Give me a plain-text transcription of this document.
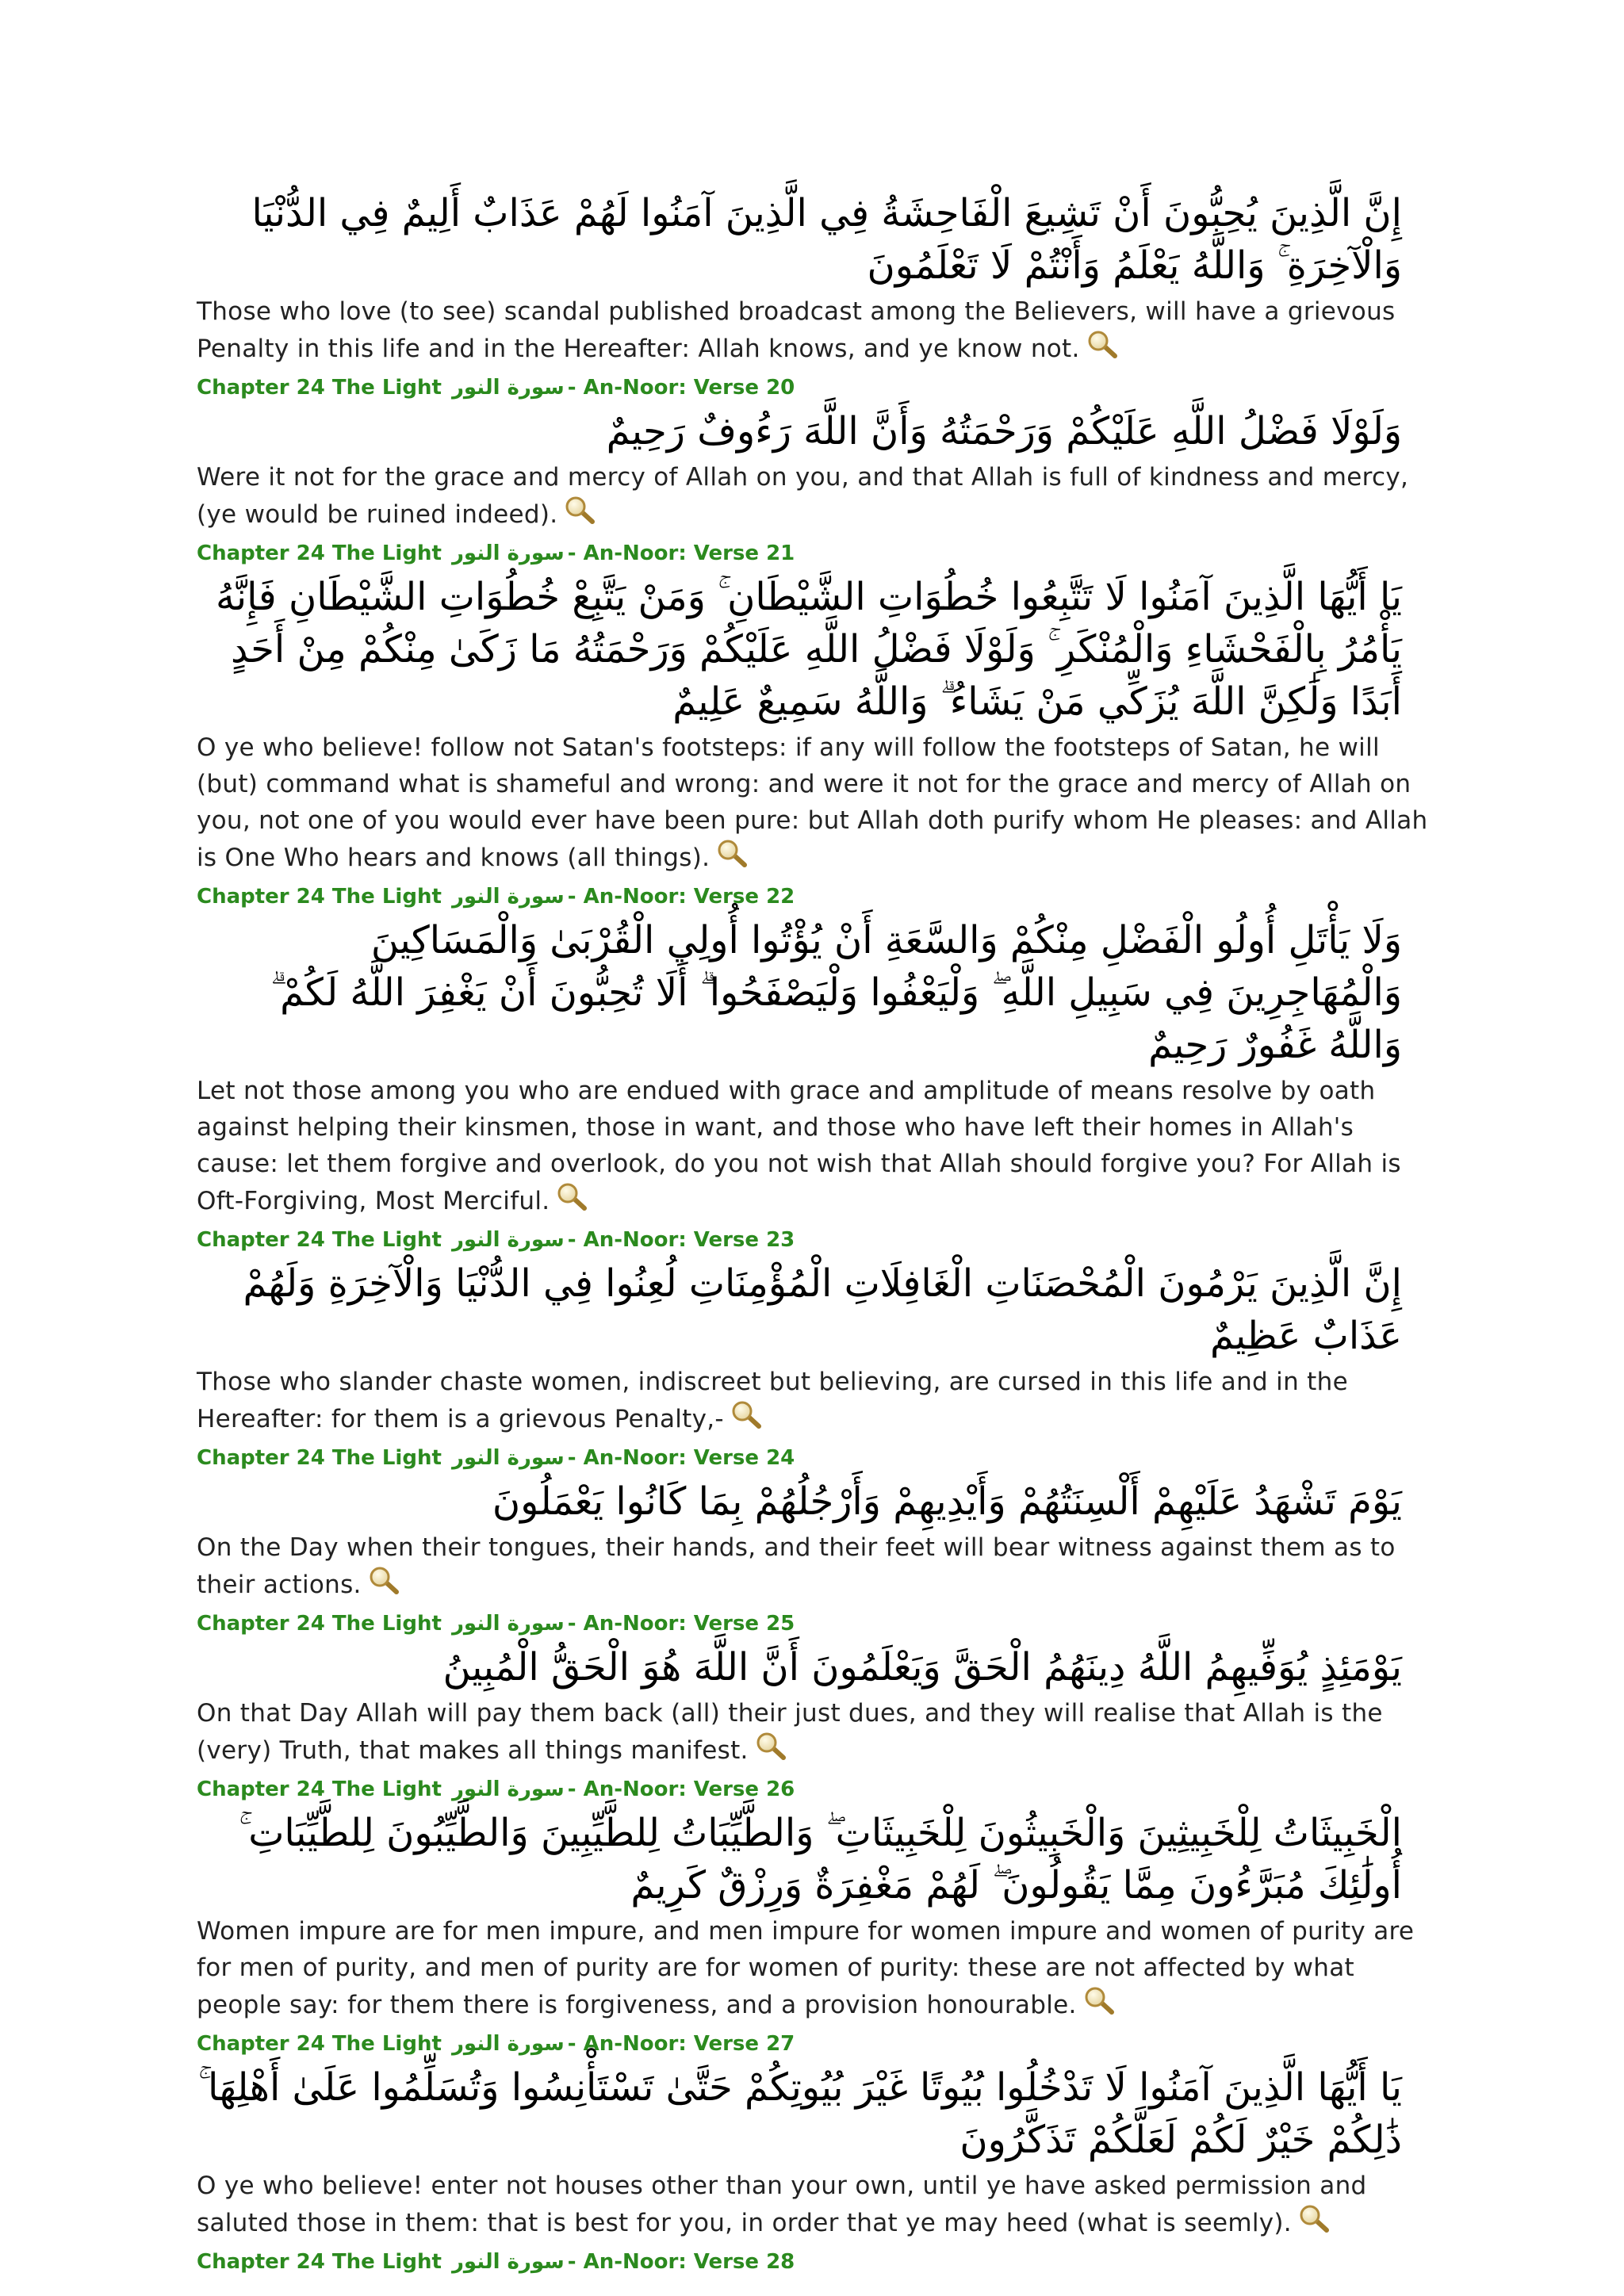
إِنَّ الَّذِينَ يُحِبُّونَ أَنْ تَشِيعَ الْفَاحِشَةُ فِي الَّذِينَ آمَنُوا لَهُمْ عَذَابٌ أَلِيمٌ فِي الدُّنْيَا وَالْآخِرَةِ ۚ وَاللَّهُ يَعْلَمُ وَأَنْتُمْ لَا تَعْلَمُونَ
Those who love (to see) scandal published broadcast among the Believers, will have a grievous Penalty in this life and in the Hereafter: Allah knows, and ye know not.
Chapter 24 The Light سورة النور - An-Noor: Verse 20
وَلَوْلَا فَضْلُ اللَّهِ عَلَيْكُمْ وَرَحْمَتُهُ وَأَنَّ اللَّهَ رَءُوفٌ رَحِيمٌ
Were it not for the grace and mercy of Allah on you, and that Allah is full of kindness and mercy, (ye would be ruined indeed).
Chapter 24 The Light سورة النور - An-Noor: Verse 21
يَا أَيُّهَا الَّذِينَ آمَنُوا لَا تَتَّبِعُوا خُطُوَاتِ الشَّيْطَانِ ۚ وَمَنْ يَتَّبِعْ خُطُوَاتِ الشَّيْطَانِ فَإِنَّهُ يَأْمُرُ بِالْفَحْشَاءِ وَالْمُنْكَرِ ۚ وَلَوْلَا فَضْلُ اللَّهِ عَلَيْكُمْ وَرَحْمَتُهُ مَا زَكَىٰ مِنْكُمْ مِنْ أَحَدٍ أَبَدًا وَلَٰكِنَّ اللَّهَ يُزَكِّي مَنْ يَشَاءُ ۗ وَاللَّهُ سَمِيعٌ عَلِيمٌ
O ye who believe! follow not Satan's footsteps: if any will follow the footsteps of Satan, he will (but) command what is shameful and wrong: and were it not for the grace and mercy of Allah on you, not one of you would ever have been pure: but Allah doth purify whom He pleases: and Allah is One Who hears and knows (all things).
Chapter 24 The Light سورة النور - An-Noor: Verse 22
وَلَا يَأْتَلِ أُولُو الْفَضْلِ مِنْكُمْ وَالسَّعَةِ أَنْ يُؤْتُوا أُولِي الْقُرْبَىٰ وَالْمَسَاكِينَ وَالْمُهَاجِرِينَ فِي سَبِيلِ اللَّهِ ۖ وَلْيَعْفُوا وَلْيَصْفَحُوا ۗ أَلَا تُحِبُّونَ أَنْ يَغْفِرَ اللَّهُ لَكُمْ ۗ وَاللَّهُ غَفُورٌ رَحِيمٌ
Let not those among you who are endued with grace and amplitude of means resolve by oath against helping their kinsmen, those in want, and those who have left their homes in Allah's cause: let them forgive and overlook, do you not wish that Allah should forgive you? For Allah is Oft-Forgiving, Most Merciful.
Chapter 24 The Light سورة النور - An-Noor: Verse 23
إِنَّ الَّذِينَ يَرْمُونَ الْمُحْصَنَاتِ الْغَافِلَاتِ الْمُؤْمِنَاتِ لُعِنُوا فِي الدُّنْيَا وَالْآخِرَةِ وَلَهُمْ عَذَابٌ عَظِيمٌ
Those who slander chaste women, indiscreet but believing, are cursed in this life and in the Hereafter: for them is a grievous Penalty,-
Chapter 24 The Light سورة النور - An-Noor: Verse 24
يَوْمَ تَشْهَدُ عَلَيْهِمْ أَلْسِنَتُهُمْ وَأَيْدِيهِمْ وَأَرْجُلُهُمْ بِمَا كَانُوا يَعْمَلُونَ
On the Day when their tongues, their hands, and their feet will bear witness against them as to their actions.
Chapter 24 The Light سورة النور - An-Noor: Verse 25
يَوْمَئِذٍ يُوَفِّيهِمُ اللَّهُ دِينَهُمُ الْحَقَّ وَيَعْلَمُونَ أَنَّ اللَّهَ هُوَ الْحَقُّ الْمُبِينُ
On that Day Allah will pay them back (all) their just dues, and they will realise that Allah is the (very) Truth, that makes all things manifest.
Chapter 24 The Light سورة النور - An-Noor: Verse 26
الْخَبِيثَاتُ لِلْخَبِيثِينَ وَالْخَبِيثُونَ لِلْخَبِيثَاتِ ۖ وَالطَّيِّبَاتُ لِلطَّيِّبِينَ وَالطَّيِّبُونَ لِلطَّيِّبَاتِ ۚ أُولَٰئِكَ مُبَرَّءُونَ مِمَّا يَقُولُونَ ۖ لَهُمْ مَغْفِرَةٌ وَرِزْقٌ كَرِيمٌ
Women impure are for men impure, and men impure for women impure and women of purity are for men of purity, and men of purity are for women of purity: these are not affected by what people say: for them there is forgiveness, and a provision honourable.
Chapter 24 The Light سورة النور - An-Noor: Verse 27
يَا أَيُّهَا الَّذِينَ آمَنُوا لَا تَدْخُلُوا بُيُوتًا غَيْرَ بُيُوتِكُمْ حَتَّىٰ تَسْتَأْنِسُوا وَتُسَلِّمُوا عَلَىٰ أَهْلِهَا ۚ ذَٰلِكُمْ خَيْرٌ لَكُمْ لَعَلَّكُمْ تَذَكَّرُونَ
O ye who believe! enter not houses other than your own, until ye have asked permission and saluted those in them: that is best for you, in order that ye may heed (what is seemly).
Chapter 24 The Light سورة النور - An-Noor: Verse 28
